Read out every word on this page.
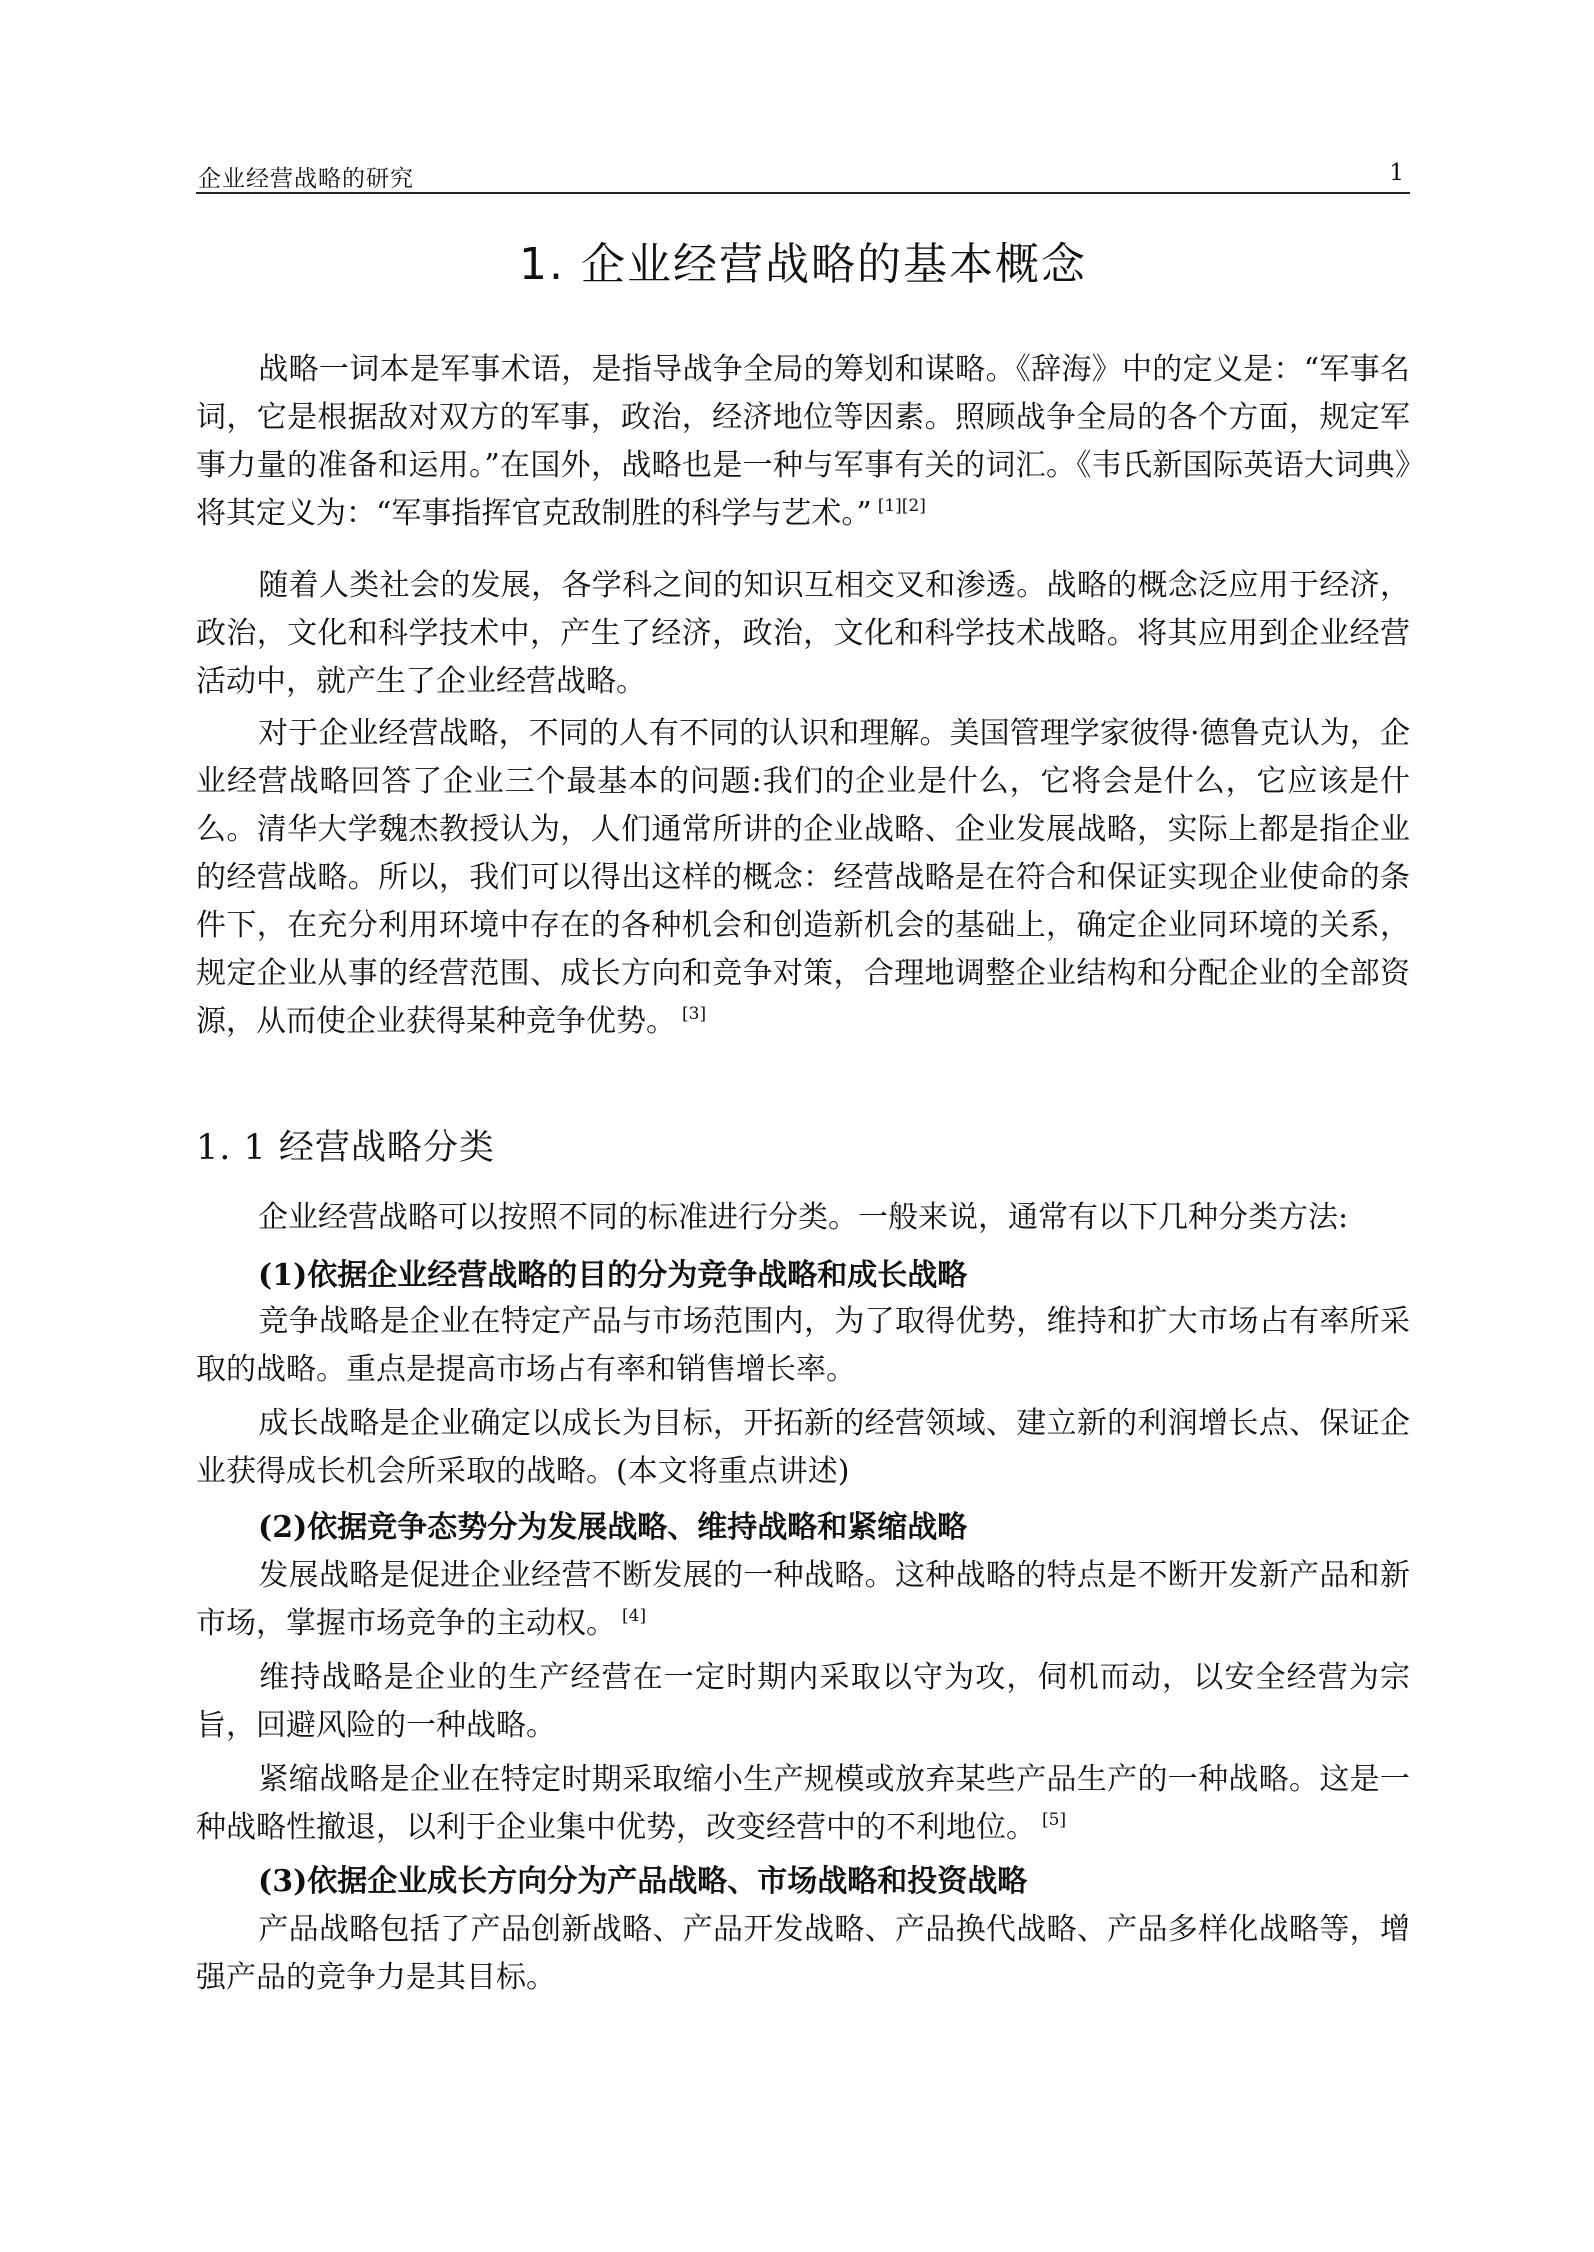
企业经营战略的研究	1
1. 企业经营战略的基本概念

战略一词本是军事术语，是指导战争全局的筹划和谋略。《辞海》中的定义是：“军事名词，它是根据敌对双方的军事，政治，经济地位等因素。照顾战争全局的各个方面，规定军事力量的准备和运用。”在国外，战略也是一种与军事有关的词汇。《韦氏新国际英语大词典》将其定义为：“军事指挥官克敌制胜的科学与艺术。” [1][2]

随着人类社会的发展，各学科之间的知识互相交叉和渗透。战略的概念泛应用于经济，政治，文化和科学技术中，产生了经济，政治，文化和科学技术战略。将其应用到企业经营活动中，就产生了企业经营战略。

对于企业经营战略，不同的人有不同的认识和理解。美国管理学家彼得·德鲁克认为，企业经营战略回答了企业三个最基本的问题:我们的企业是什么，它将会是什么，它应该是什么。清华大学魏杰教授认为，人们通常所讲的企业战略、企业发展战略，实际上都是指企业的经营战略。所以，我们可以得出这样的概念：经营战略是在符合和保证实现企业使命的条件下，在充分利用环境中存在的各种机会和创造新机会的基础上，确定企业同环境的关系，规定企业从事的经营范围、成长方向和竞争对策，合理地调整企业结构和分配企业的全部资源，从而使企业获得某种竞争优势。 [3]

1. 1 经营战略分类

企业经营战略可以按照不同的标准进行分类。一般来说，通常有以下几种分类方法:

(1)依据企业经营战略的目的分为竞争战略和成长战略

竞争战略是企业在特定产品与市场范围内，为了取得优势，维持和扩大市场占有率所采取的战略。重点是提高市场占有率和销售增长率。

成长战略是企业确定以成长为目标，开拓新的经营领域、建立新的利润增长点、保证企业获得成长机会所采取的战略。(本文将重点讲述)

(2)依据竞争态势分为发展战略、维持战略和紧缩战略

发展战略是促进企业经营不断发展的一种战略。这种战略的特点是不断开发新产品和新市场，掌握市场竞争的主动权。 [4]

维持战略是企业的生产经营在一定时期内采取以守为攻，伺机而动，以安全经营为宗旨，回避风险的一种战略。

紧缩战略是企业在特定时期采取缩小生产规模或放弃某些产品生产的一种战略。这是一种战略性撤退，以利于企业集中优势，改变经营中的不利地位。 [5]

(3)依据企业成长方向分为产品战略、市场战略和投资战略

产品战略包括了产品创新战略、产品开发战略、产品换代战略、产品多样化战略等，增强产品的竞争力是其目标。
